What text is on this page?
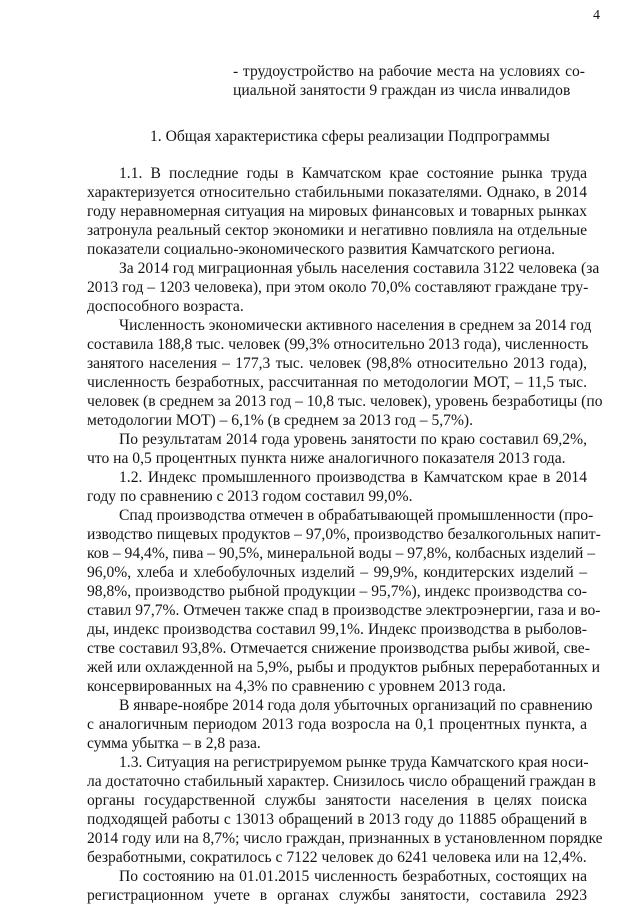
4
- трудоустройство на рабочие места на условиях со-
циальной занятости 9 граждан из числа инвалидов
1. Общая характеристика сферы реализации Подпрограммы
1.1. В последние годы в Камчатском крае состояние рынка труда
характеризуется относительно стабильными показателями. Однако, в 2014
году неравномерная ситуация на мировых финансовых и товарных рынках
затронула реальный сектор экономики и негативно повлияла на отдельные
показатели социально-экономического развития Камчатского региона.
За 2014 год миграционная убыль населения составила 3122 человека (за
2013 год – 1203 человека), при этом около 70,0% составляют граждане тру-
доспособного возраста.
Численность экономически активного населения в среднем за 2014 год
составила 188,8 тыс. человек (99,3% относительно 2013 года), численность
занятого населения – 177,3 тыс. человек (98,8% относительно 2013 года),
численность безработных, рассчитанная по методологии МОТ, – 11,5 тыс.
человек (в среднем за 2013 год – 10,8 тыс. человек), уровень безработицы (по
методологии МОТ) – 6,1% (в среднем за 2013 год – 5,7%).
По результатам 2014 года уровень занятости по краю составил 69,2%,
что на 0,5 процентных пункта ниже аналогичного показателя 2013 года.
1.2. Индекс промышленного производства в Камчатском крае в 2014
году по сравнению с 2013 годом составил 99,0%.
Спад производства отмечен в обрабатывающей промышленности (про-
изводство пищевых продуктов – 97,0%, производство безалкогольных напит-
ков – 94,4%, пива – 90,5%, минеральной воды – 97,8%, колбасных изделий –
96,0%, хлеба и хлебобулочных изделий – 99,9%, кондитерских изделий –
98,8%, производство рыбной продукции – 95,7%), индекс производства со-
ставил 97,7%. Отмечен также спад в производстве электроэнергии, газа и во-
ды, индекс производства составил 99,1%. Индекс производства в рыболов-
стве составил 93,8%. Отмечается снижение производства рыбы живой, све-
жей или охлажденной на 5,9%, рыбы и продуктов рыбных переработанных и
консервированных на 4,3% по сравнению с уровнем 2013 года.
В январе-ноябре 2014 года доля убыточных организаций по сравнению
с аналогичным периодом 2013 года возросла на 0,1 процентных пункта, а
сумма убытка – в 2,8 раза.
1.3. Ситуация на регистрируемом рынке труда Камчатского края носи-
ла достаточно стабильный характер. Снизилось число обращений граждан в
органы государственной службы занятости населения в целях поиска
подходящей работы с 13013 обращений в 2013 году до 11885 обращений в
2014 году или на 8,7%; число граждан, признанных в установленном порядке
безработными, сократилось с 7122 человек до 6241 человека или на 12,4%.
По состоянию на 01.01.2015 численность безработных, состоящих на
регистрационном учете в органах службы занятости, составила 2923
